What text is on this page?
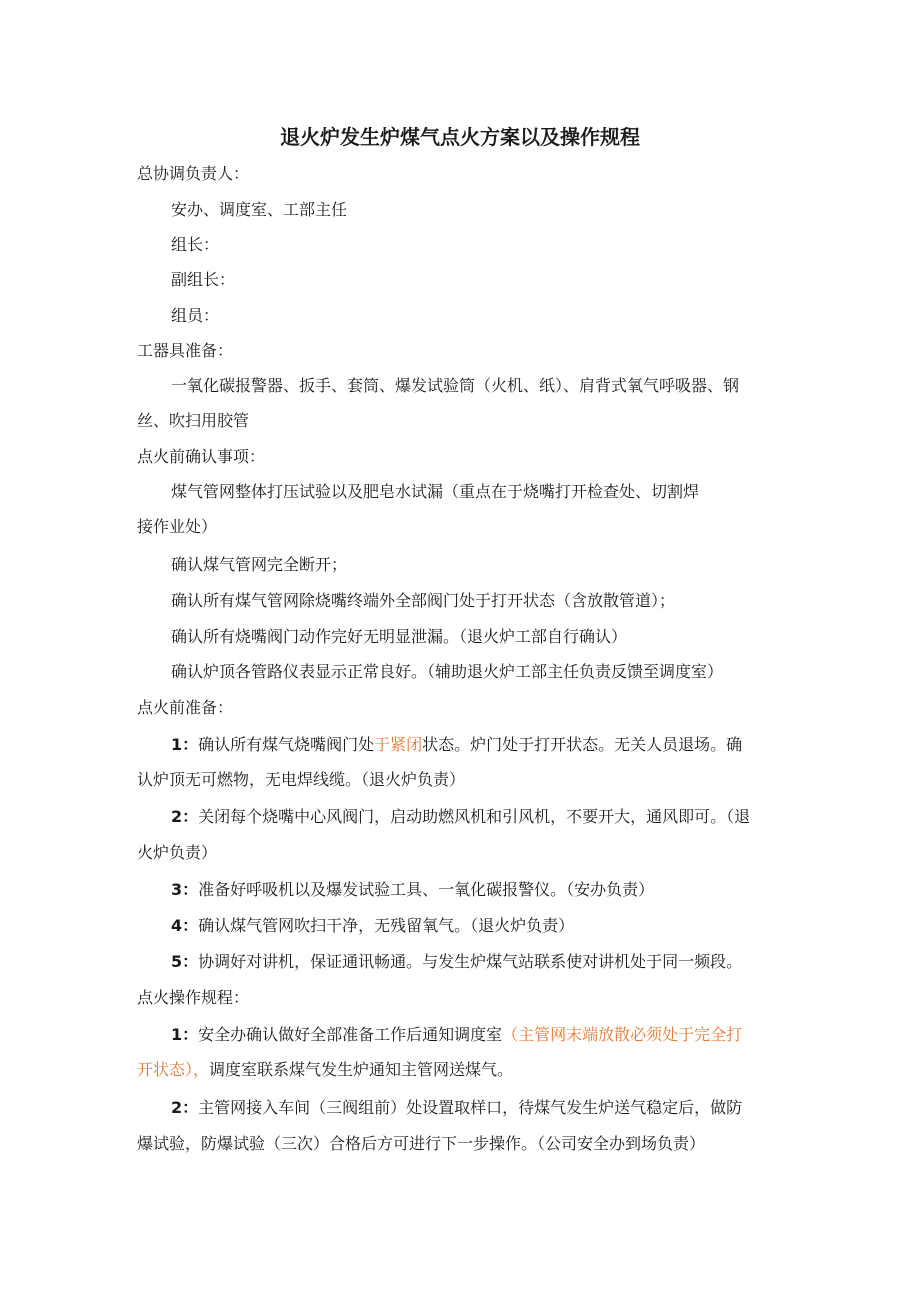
退火炉发生炉煤气点火方案以及操作规程
总协调负责人：
安办、调度室、工部主任
组长：
副组长：
组员：
工器具准备：
一氧化碳报警器、扳手、套筒、爆发试验筒（火机、纸）、肩背式氧气呼吸器、钢
丝、吹扫用胶管
点火前确认事项：
煤气管网整体打压试验以及肥皂水试漏（重点在于烧嘴打开检查处、切割焊
接作业处）
确认煤气管网完全断开；
确认所有煤气管网除烧嘴终端外全部阀门处于打开状态（含放散管道）；
确认所有烧嘴阀门动作完好无明显泄漏。（退火炉工部自行确认）
确认炉顶各管路仪表显示正常良好。（辅助退火炉工部主任负责反馈至调度室）
点火前准备：
1：确认所有煤气烧嘴阀门处于紧闭状态。炉门处于打开状态。无关人员退场。确
认炉顶无可燃物，无电焊线缆。（退火炉负责）
2：关闭每个烧嘴中心风阀门，启动助燃风机和引风机，不要开大，通风即可。（退
火炉负责）
3：准备好呼吸机以及爆发试验工具、一氧化碳报警仪。（安办负责）
4：确认煤气管网吹扫干净，无残留氧气。（退火炉负责）
5：协调好对讲机，保证通讯畅通。与发生炉煤气站联系使对讲机处于同一频段。
点火操作规程：
1：安全办确认做好全部准备工作后通知调度室（主管网末端放散必须处于完全打
开状态），调度室联系煤气发生炉通知主管网送煤气。
2：主管网接入车间（三阀组前）处设置取样口，待煤气发生炉送气稳定后，做防
爆试验，防爆试验（三次）合格后方可进行下一步操作。（公司安全办到场负责）
